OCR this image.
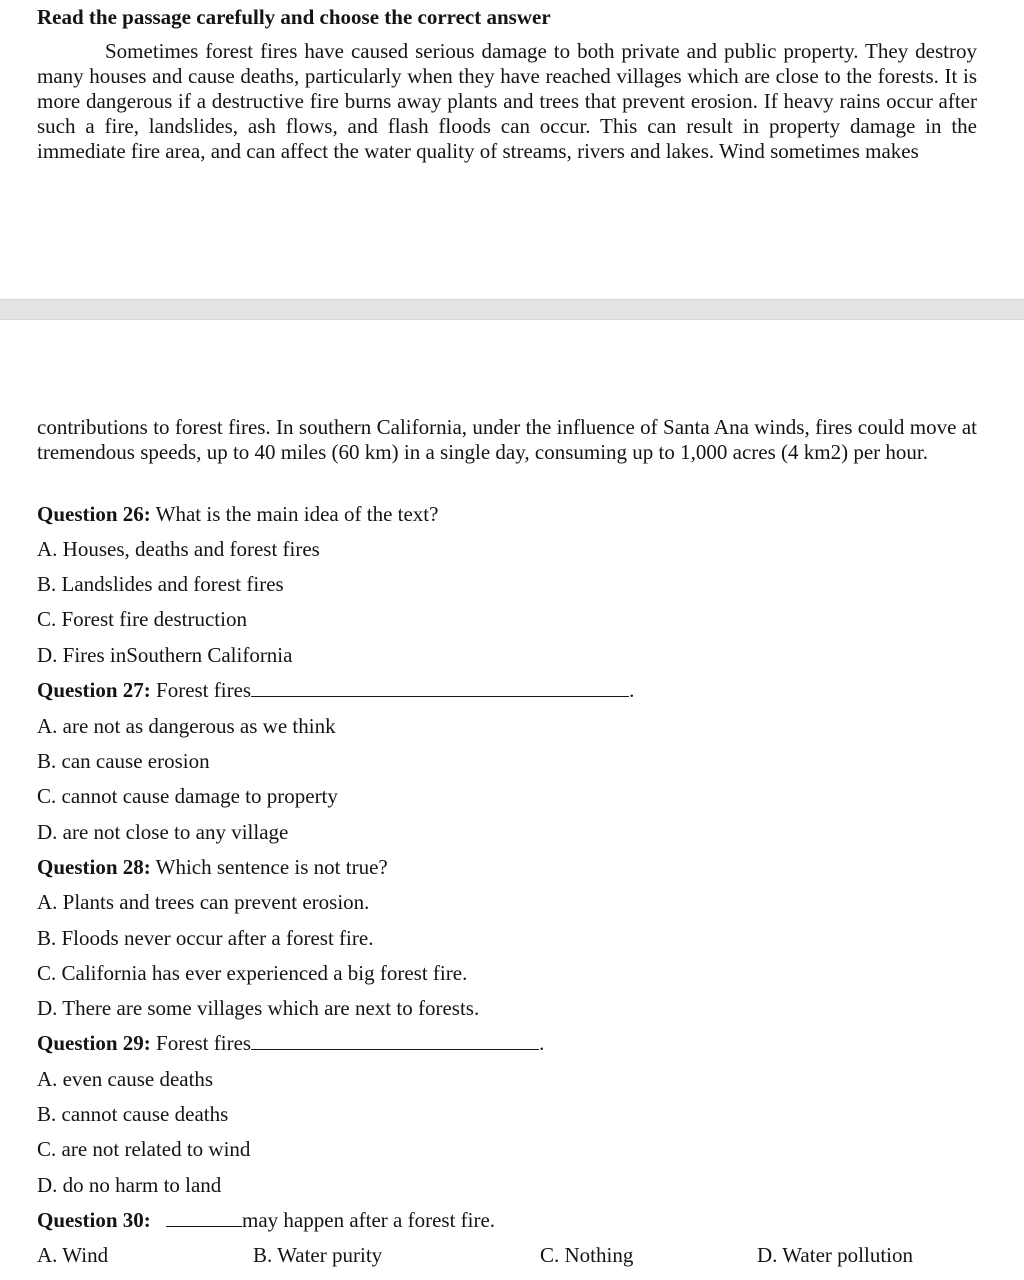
Read the passage carefully and choose the correct answer
Sometimes forest fires have caused serious damage to both private and public property. They destroy many houses and cause deaths, particularly when they have reached villages which are close to the forests. It is more dangerous if a destructive fire burns away plants and trees that prevent erosion. If heavy rains occur after such a fire, landslides, ash flows, and flash floods can occur. This can result in property damage in the immediate fire area, and can affect the water quality of streams, rivers and lakes. Wind sometimes makes
contributions to forest fires. In southern California, under the influence of Santa Ana winds, fires could move at tremendous speeds, up to 40 miles (60 km) in a single day, consuming up to 1,000 acres (4 km2) per hour.
Question 26: What is the main idea of the text?
A. Houses, deaths and forest fires
B. Landslides and forest fires
C. Forest fire destruction
D. Fires inSouthern California
Question 27: Forest fires	.
A. are not as dangerous as we think
B. can cause erosion
C. cannot cause damage to property
D. are not close to any village
Question 28: Which sentence is not true?
A. Plants and trees can prevent erosion.
B. Floods never occur after a forest fire.
C. California has ever experienced a big forest fire.
D. There are some villages which are next to forests.
Question 29: Forest fires	.
A. even cause deaths
B. cannot cause deaths
C. are not related to wind
D. do no harm to land
Question 30:	may happen after a forest fire.
A. Wind	B. Water purity	C. Nothing	D. Water pollution
